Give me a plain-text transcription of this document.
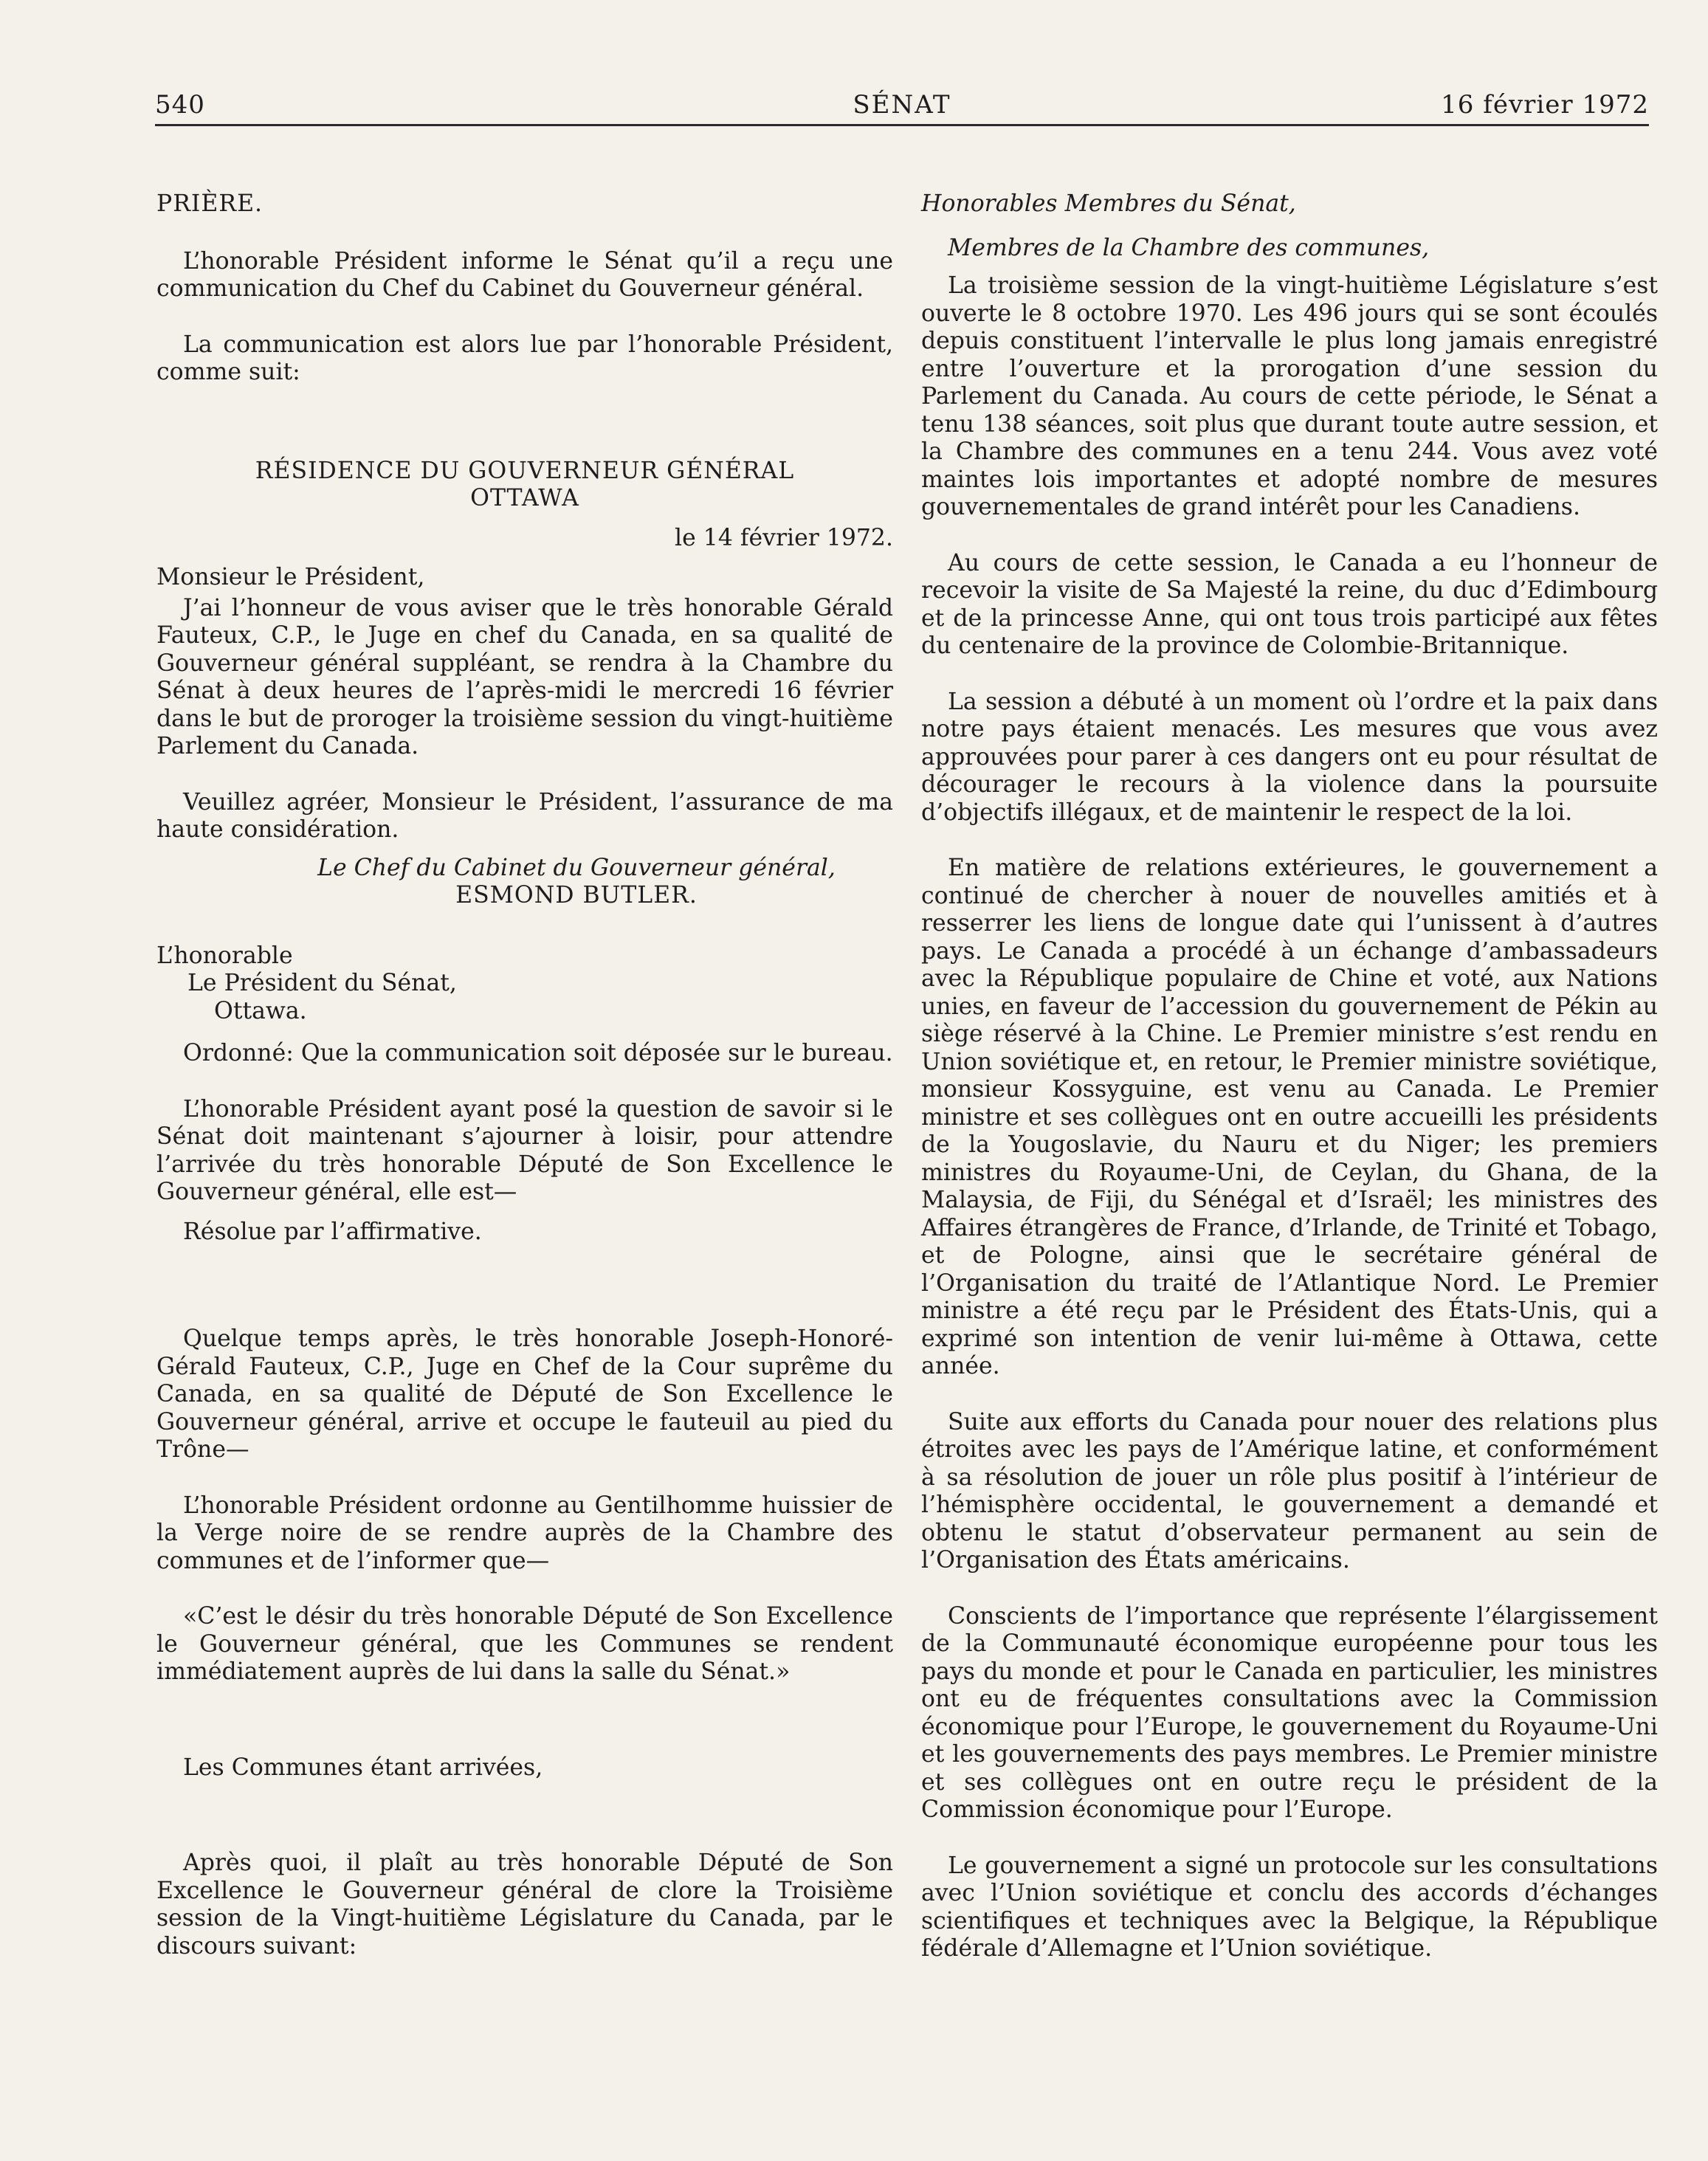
540	SÉNAT	16 février 1972

PRIÈRE.

L’honorable Président informe le Sénat qu’il a reçu une communication du Chef du Cabinet du Gouverneur général.

La communication est alors lue par l’honorable Président, comme suit:

RÉSIDENCE DU GOUVERNEUR GÉNÉRAL

OTTAWA

le 14 février 1972.

Monsieur le Président,

J’ai l’honneur de vous aviser que le très honorable Gérald Fauteux, C.P., le Juge en chef du Canada, en sa qualité de Gouverneur général suppléant, se rendra à la Chambre du Sénat à deux heures de l’après-midi le mercredi 16 février dans le but de proroger la troisième session du vingt-huitième Parlement du Canada.

Veuillez agréer, Monsieur le Président, l’assurance de ma haute considération.

Le Chef du Cabinet du Gouverneur général,

ESMOND BUTLER.

L’honorable

Le Président du Sénat,

Ottawa.

Ordonné: Que la communication soit déposée sur le bureau.

L’honorable Président ayant posé la question de savoir si le Sénat doit maintenant s’ajourner à loisir, pour attendre l’arrivée du très honorable Député de Son Excellence le Gouverneur général, elle est—

Résolue par l’affirmative.

Quelque temps après, le très honorable Joseph-Honoré-Gérald Fauteux, C.P., Juge en Chef de la Cour suprême du Canada, en sa qualité de Député de Son Excellence le Gouverneur général, arrive et occupe le fauteuil au pied du Trône—

L’honorable Président ordonne au Gentilhomme huissier de la Verge noire de se rendre auprès de la Chambre des communes et de l’informer que—

«C’est le désir du très honorable Député de Son Excellence le Gouverneur général, que les Communes se rendent immédiatement auprès de lui dans la salle du Sénat.»

Les Communes étant arrivées,

Après quoi, il plaît au très honorable Député de Son Excellence le Gouverneur général de clore la Troisième session de la Vingt-huitième Législature du Canada, par le discours suivant:

Honorables Membres du Sénat,

Membres de la Chambre des communes,

La troisième session de la vingt-huitième Législature s’est ouverte le 8 octobre 1970. Les 496 jours qui se sont écoulés depuis constituent l’intervalle le plus long jamais enregistré entre l’ouverture et la prorogation d’une session du Parlement du Canada. Au cours de cette période, le Sénat a tenu 138 séances, soit plus que durant toute autre session, et la Chambre des communes en a tenu 244. Vous avez voté maintes lois importantes et adopté nombre de mesures gouvernementales de grand intérêt pour les Canadiens.

Au cours de cette session, le Canada a eu l’honneur de recevoir la visite de Sa Majesté la reine, du duc d’Edimbourg et de la princesse Anne, qui ont tous trois participé aux fêtes du centenaire de la province de Colombie-Britannique.

La session a débuté à un moment où l’ordre et la paix dans notre pays étaient menacés. Les mesures que vous avez approuvées pour parer à ces dangers ont eu pour résultat de décourager le recours à la violence dans la poursuite d’objectifs illégaux, et de maintenir le respect de la loi.

En matière de relations extérieures, le gouvernement a continué de chercher à nouer de nouvelles amitiés et à resserrer les liens de longue date qui l’unissent à d’autres pays. Le Canada a procédé à un échange d’ambassadeurs avec la République populaire de Chine et voté, aux Nations unies, en faveur de l’accession du gouvernement de Pékin au siège réservé à la Chine. Le Premier ministre s’est rendu en Union soviétique et, en retour, le Premier ministre soviétique, monsieur Kossyguine, est venu au Canada. Le Premier ministre et ses collègues ont en outre accueilli les présidents de la Yougoslavie, du Nauru et du Niger; les premiers ministres du Royaume-Uni, de Ceylan, du Ghana, de la Malaysia, de Fiji, du Sénégal et d’Israël; les ministres des Affaires étrangères de France, d’Irlande, de Trinité et Tobago, et de Pologne, ainsi que le secrétaire général de l’Organisation du traité de l’Atlantique Nord. Le Premier ministre a été reçu par le Président des États-Unis, qui a exprimé son intention de venir lui-même à Ottawa, cette année.

Suite aux efforts du Canada pour nouer des relations plus étroites avec les pays de l’Amérique latine, et conformément à sa résolution de jouer un rôle plus positif à l’intérieur de l’hémisphère occidental, le gouvernement a demandé et obtenu le statut d’observateur permanent au sein de l’Organisation des États américains.

Conscients de l’importance que représente l’élargissement de la Communauté économique européenne pour tous les pays du monde et pour le Canada en particulier, les ministres ont eu de fréquentes consultations avec la Commission économique pour l’Europe, le gouvernement du Royaume-Uni et les gouvernements des pays membres. Le Premier ministre et ses collègues ont en outre reçu le président de la Commission économique pour l’Europe.

Le gouvernement a signé un protocole sur les consultations avec l’Union soviétique et conclu des accords d’échanges scientifiques et techniques avec la Belgique, la République fédérale d’Allemagne et l’Union soviétique.
